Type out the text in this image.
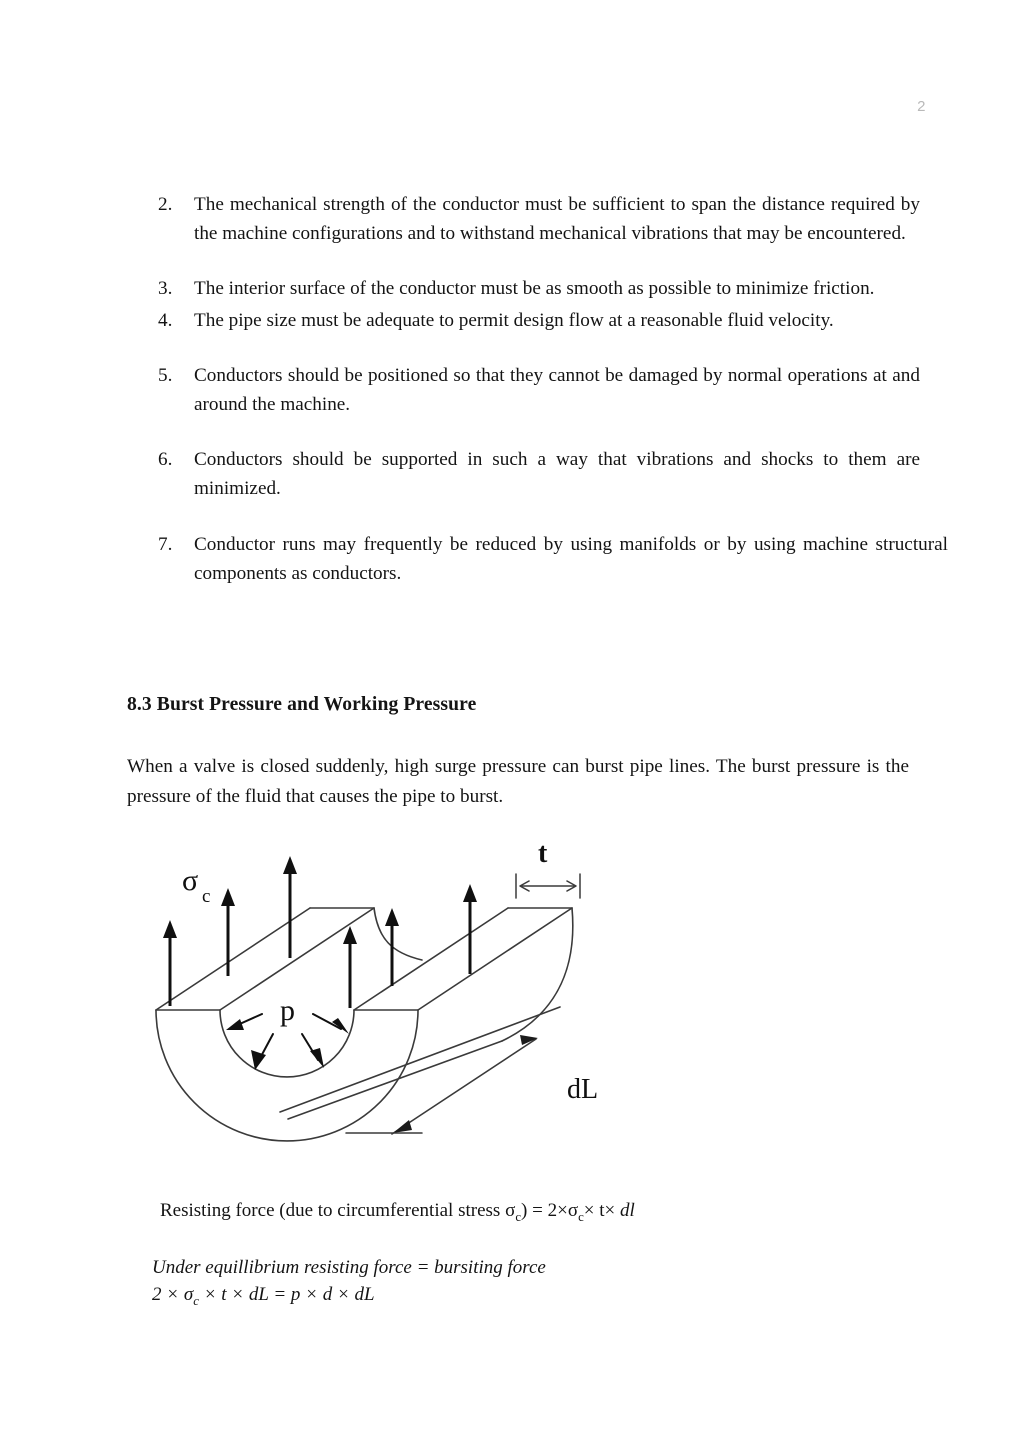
2
2.	The mechanical strength of the conductor must be sufficient to span the distance required by the machine configurations and to withstand mechanical vibrations that may be encountered.
3.	The interior surface of the conductor must be as smooth as possible to minimize friction.
4.	The pipe size must be adequate to permit design flow at a reasonable fluid velocity.
5.	Conductors should be positioned so that they cannot be damaged by normal operations at and around the machine.
6.	Conductors should be supported in such a way that vibrations and shocks to them are minimized.
7.	Conductor runs may frequently be reduced by using manifolds or by using machine structural components as conductors.
8.3 Burst Pressure and Working Pressure
When a valve is closed suddenly, high surge pressure can burst pipe lines. The burst pressure is the pressure of the fluid that causes the pipe to burst.
σ c
p
t
dL
Resisting force (due to circumferential stress $\sigma_c) = 2\times\sigma_c\times t\times$ dl
Under equillibrium resisting force = bursiting force
$2 \times \sigma_c \times t$ × dL = p × d × dL
